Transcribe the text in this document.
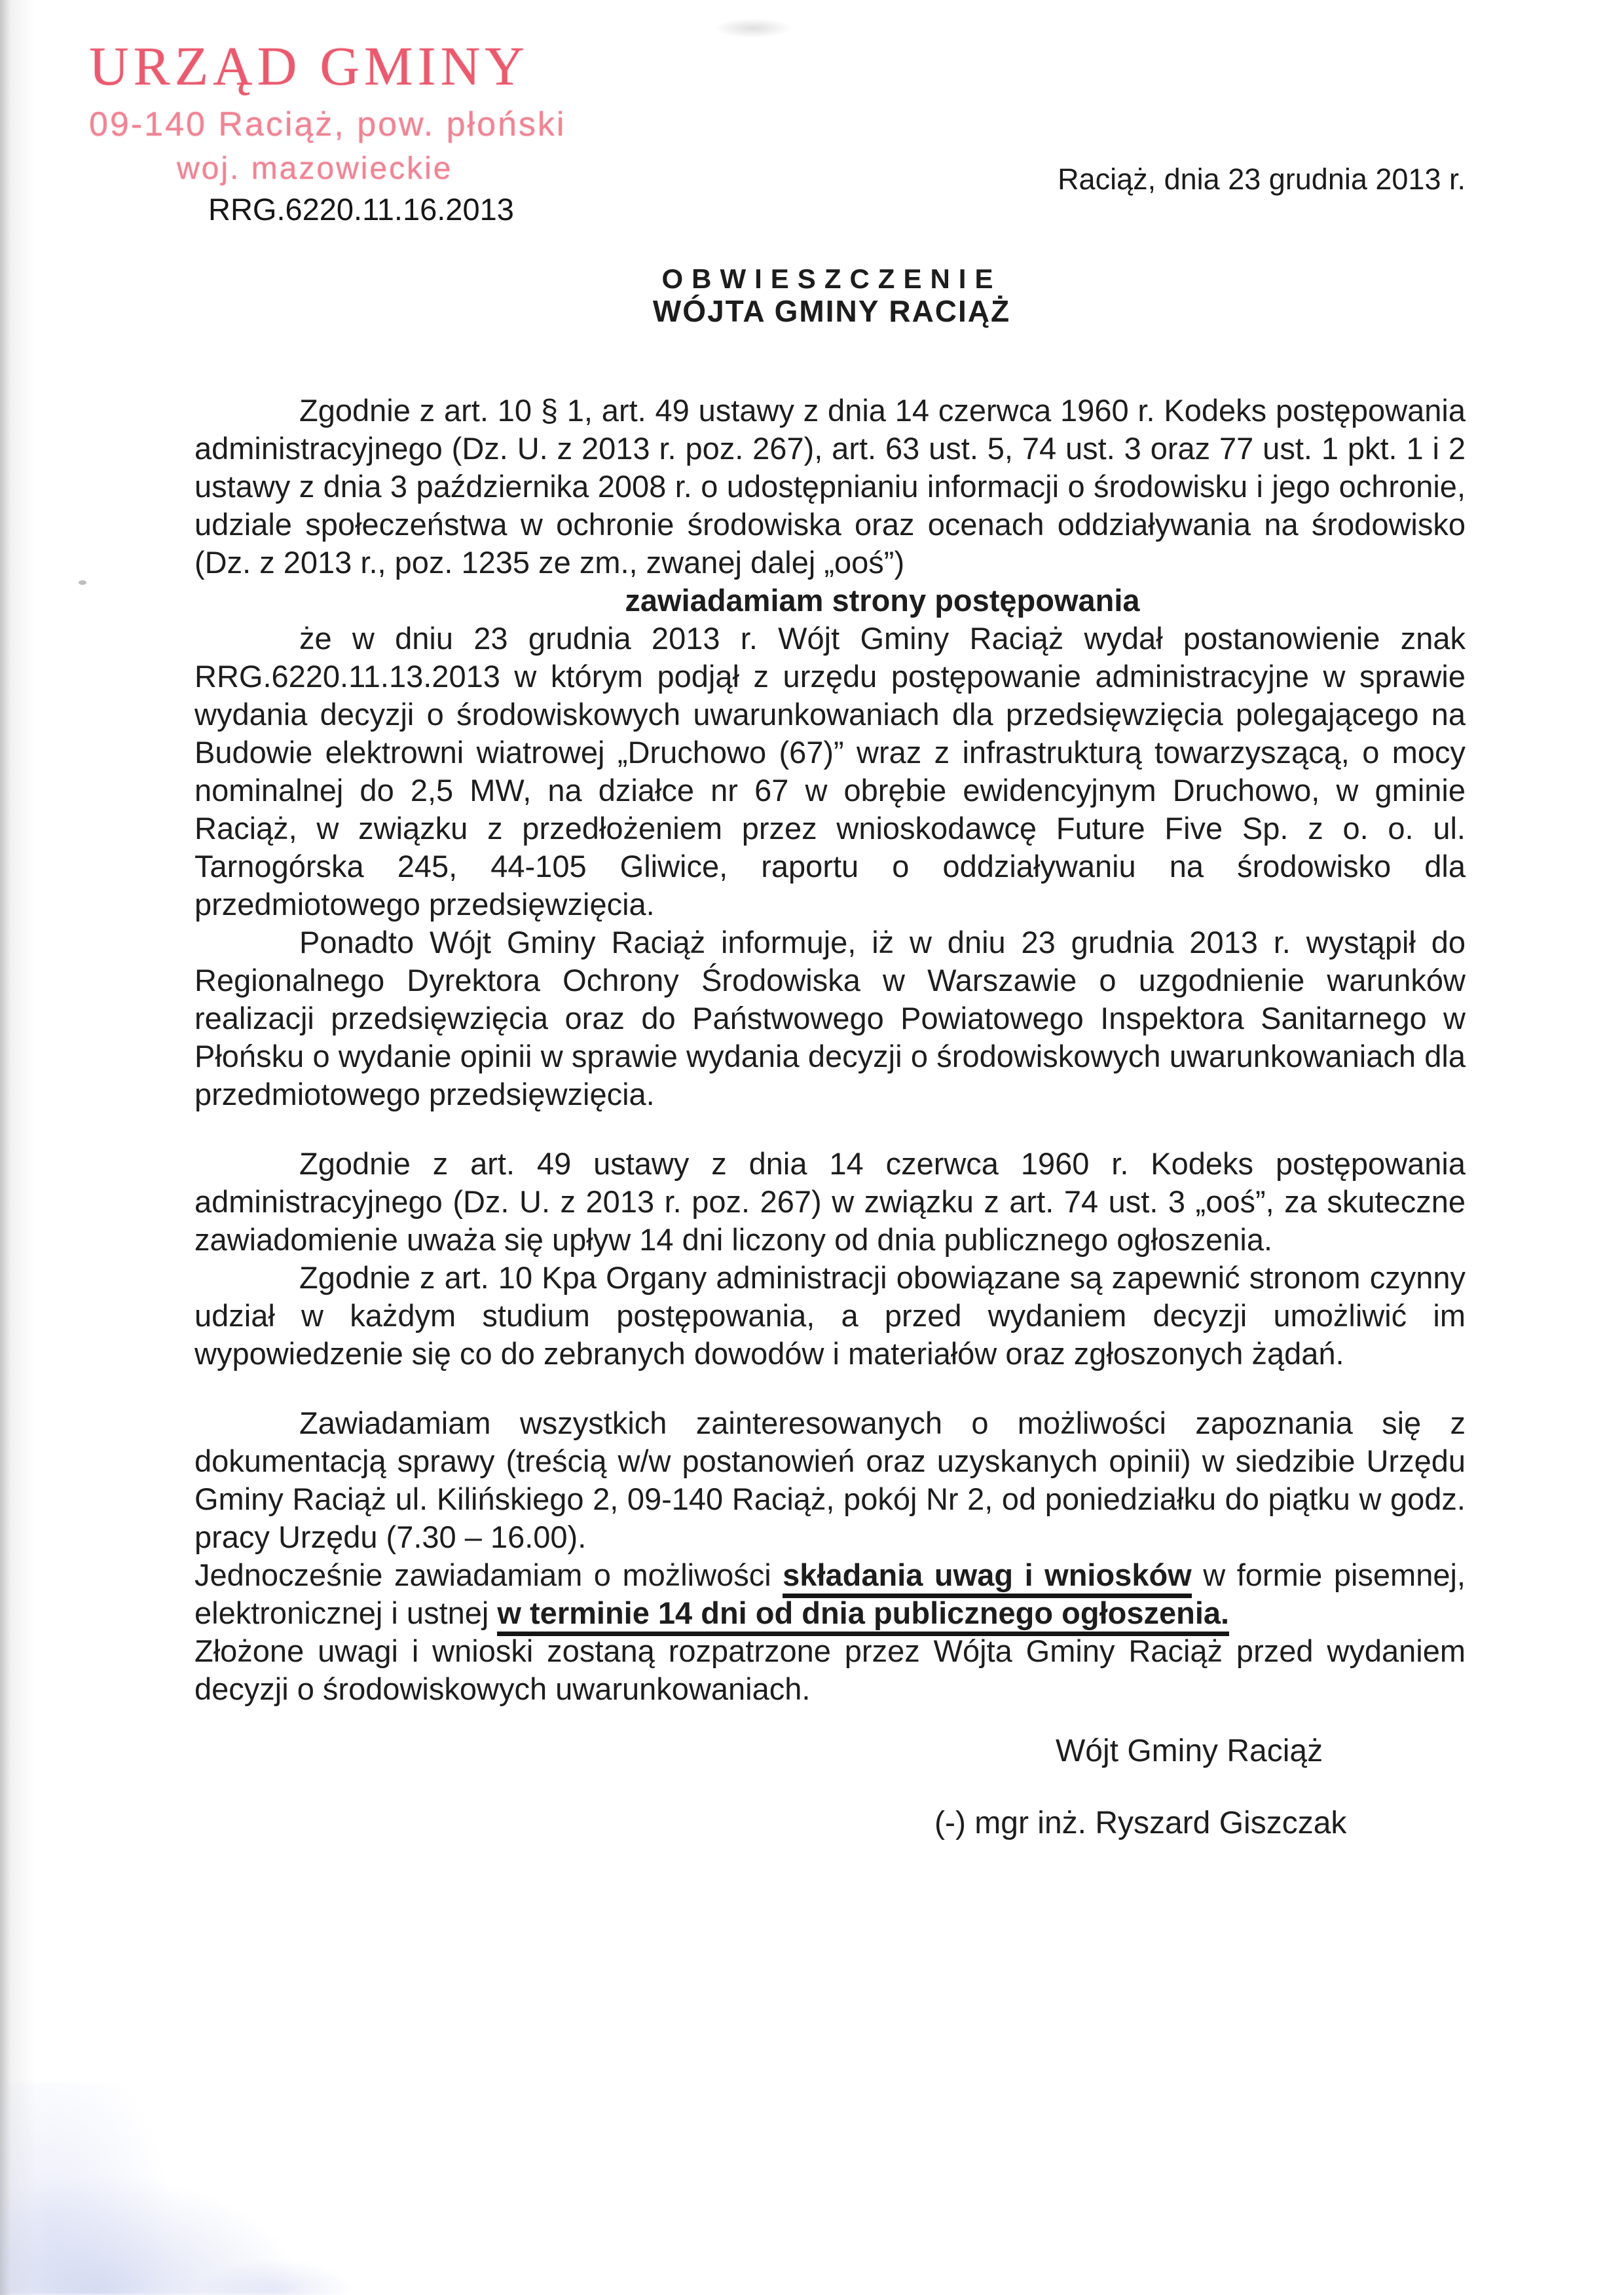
URZĄD GMINY
09-140 Raciąż, pow. płoński
woj. mazowieckie
RRG.6220.11.16.2013
Raciąż, dnia 23 grudnia 2013 r.
OBWIESZCZENIE
WÓJTA GMINY RACIĄŻ

Zgodnie z art. 10 § 1, art. 49 ustawy z dnia 14 czerwca 1960 r. Kodeks postępowania administracyjnego (Dz. U. z 2013 r. poz. 267), art. 63 ust. 5, 74 ust. 3 oraz 77 ust. 1 pkt. 1 i 2 ustawy z dnia 3 października 2008 r. o udostępnianiu informacji o środowisku i jego ochronie, udziale społeczeństwa w ochronie środowiska oraz ocenach oddziaływania na środowisko (Dz. z 2013 r., poz. 1235 ze zm., zwanej dalej „ooś”)

zawiadamiam strony postępowania

że w dniu 23 grudnia 2013 r. Wójt Gminy Raciąż wydał postanowienie znak RRG.6220.11.13.2013 w którym podjął z urzędu postępowanie administracyjne w sprawie wydania decyzji o środowiskowych uwarunkowaniach dla przedsięwzięcia polegającego na Budowie elektrowni wiatrowej „Druchowo (67)” wraz z infrastrukturą towarzyszącą, o mocy nominalnej do 2,5 MW, na działce nr 67 w obrębie ewidencyjnym Druchowo, w gminie Raciąż, w związku z przedłożeniem przez wnioskodawcę Future Five Sp. z o. o. ul. Tarnogórska 245, 44-105 Gliwice, raportu o oddziaływaniu na środowisko dla przedmiotowego przedsięwzięcia.

Ponadto Wójt Gminy Raciąż informuje, iż w dniu 23 grudnia 2013 r. wystąpił do Regionalnego Dyrektora Ochrony Środowiska w Warszawie o uzgodnienie warunków realizacji przedsięwzięcia oraz do Państwowego Powiatowego Inspektora Sanitarnego w Płońsku o wydanie opinii w sprawie wydania decyzji o środowiskowych uwarunkowaniach dla przedmiotowego przedsięwzięcia.

Zgodnie z art. 49 ustawy z dnia 14 czerwca 1960 r. Kodeks postępowania administracyjnego (Dz. U. z 2013 r. poz. 267) w związku z art. 74 ust. 3 „ooś”, za skuteczne zawiadomienie uważa się upływ 14 dni liczony od dnia publicznego ogłoszenia.

Zgodnie z art. 10 Kpa Organy administracji obowiązane są zapewnić stronom czynny udział w każdym studium postępowania, a przed wydaniem decyzji umożliwić im wypowiedzenie się co do zebranych dowodów i materiałów oraz zgłoszonych żądań.

Zawiadamiam wszystkich zainteresowanych o możliwości zapoznania się z dokumentacją sprawy (treścią w/w postanowień oraz uzyskanych opinii) w siedzibie Urzędu Gminy Raciąż ul. Kilińskiego 2, 09-140 Raciąż, pokój Nr 2, od poniedziałku do piątku w godz. pracy Urzędu (7.30 – 16.00).

Jednocześnie zawiadamiam o możliwości składania uwag i wniosków w formie pisemnej, elektronicznej i ustnej w terminie 14 dni od dnia publicznego ogłoszenia.

Złożone uwagi i wnioski zostaną rozpatrzone przez Wójta Gminy Raciąż przed wydaniem decyzji o środowiskowych uwarunkowaniach.

Wójt Gminy Raciąż
(-) mgr inż. Ryszard Giszczak
